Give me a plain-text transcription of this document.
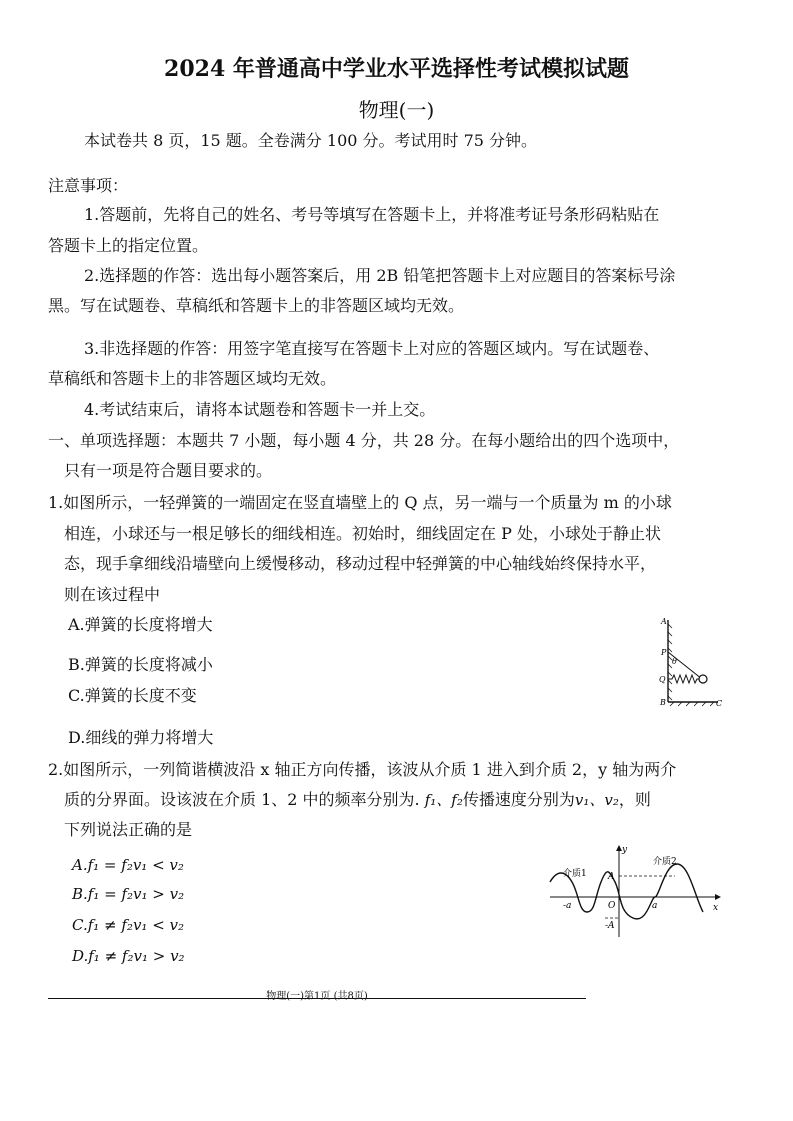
2024 年普通高中学业水平选择性考试模拟试题
物理(一)
本试卷共 8 页，15 题。全卷满分 100 分。考试用时 75 分钟。
注意事项：
1.答题前，先将自己的姓名、考号等填写在答题卡上，并将准考证号条形码粘贴在
答题卡上的指定位置。
2.选择题的作答：选出每小题答案后，用 2B 铅笔把答题卡上对应题目的答案标号涂
黑。写在试题卷、草稿纸和答题卡上的非答题区域均无效。
3.非选择题的作答：用签字笔直接写在答题卡上对应的答题区域内。写在试题卷、
草稿纸和答题卡上的非答题区域均无效。
4.考试结束后，请将本试题卷和答题卡一并上交。
一、单项选择题：本题共 7 小题，每小题 4 分，共 28 分。在每小题给出的四个选项中，
只有一项是符合题目要求的。
1.如图所示，一轻弹簧的一端固定在竖直墙壁上的 Q 点，另一端与一个质量为 m 的小球
相连，小球还与一根足够长的细线相连。初始时，细线固定在 P 处，小球处于静止状
态，现手拿细线沿墙壁向上缓慢移动，移动过程中轻弹簧的中心轴线始终保持水平，
则在该过程中
A.弹簧的长度将增大
B.弹簧的长度将减小
C.弹簧的长度不变
D.细线的弹力将增大
A
P
θ
Q
B	C
2.如图所示，一列简谐横波沿 x 轴正方向传播，该波从介质 1 进入到介质 2，y 轴为两介
质的分界面。设该波在介质 1、2 中的频率分别为. f₁、f₂传播速度分别为v₁、v₂，则
下列说法正确的是
A.f₁ = f₂v₁ < v₂
B.f₁ = f₂v₁ > v₂
C.f₁ ≠ f₂v₁ < v₂
D.f₁ ≠ f₂v₁ > v₂
y
x
A
-A
O	a
-a
介质1
介质2
物理(一)第1页 (共8页)
